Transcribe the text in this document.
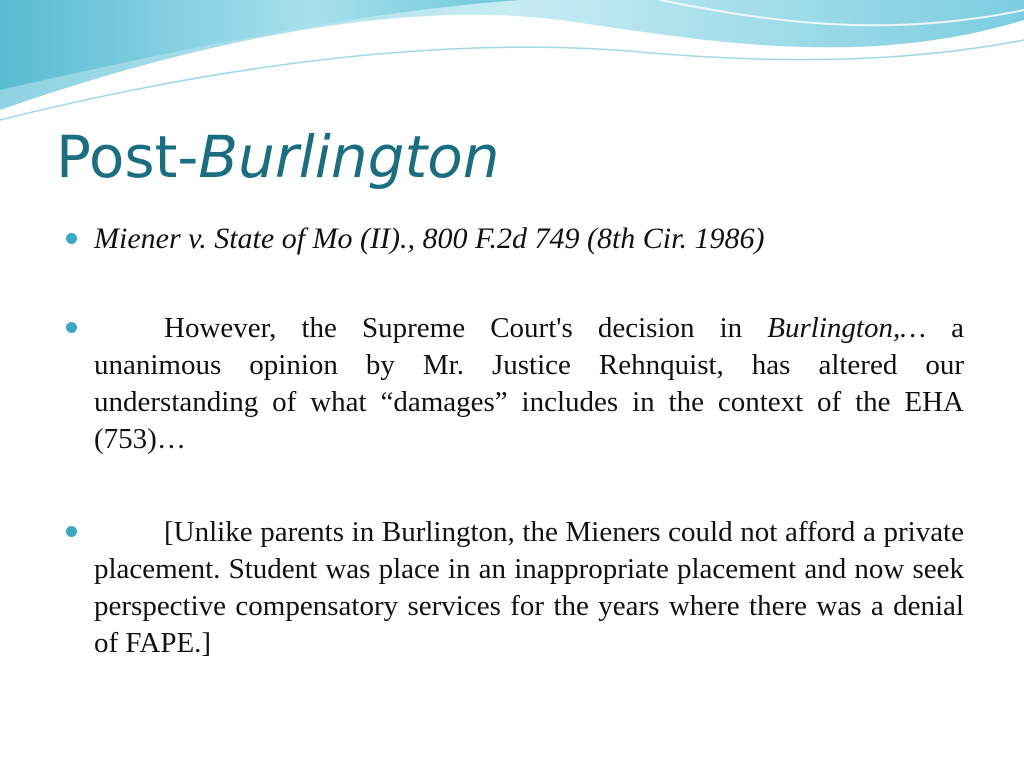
Post-Burlington
Miener v. State of Mo (II)., 800 F.2d 749 (8th Cir. 1986)
However, the Supreme Court's decision in Burlington,… a unanimous opinion by Mr. Justice Rehnquist, has altered our understanding of what “damages” includes in the context of the EHA (753)…
[Unlike parents in Burlington, the Mieners could not afford a private placement. Student was place in an inappropriate placement and now seek perspective compensatory services for the years where there was a denial of FAPE.]
